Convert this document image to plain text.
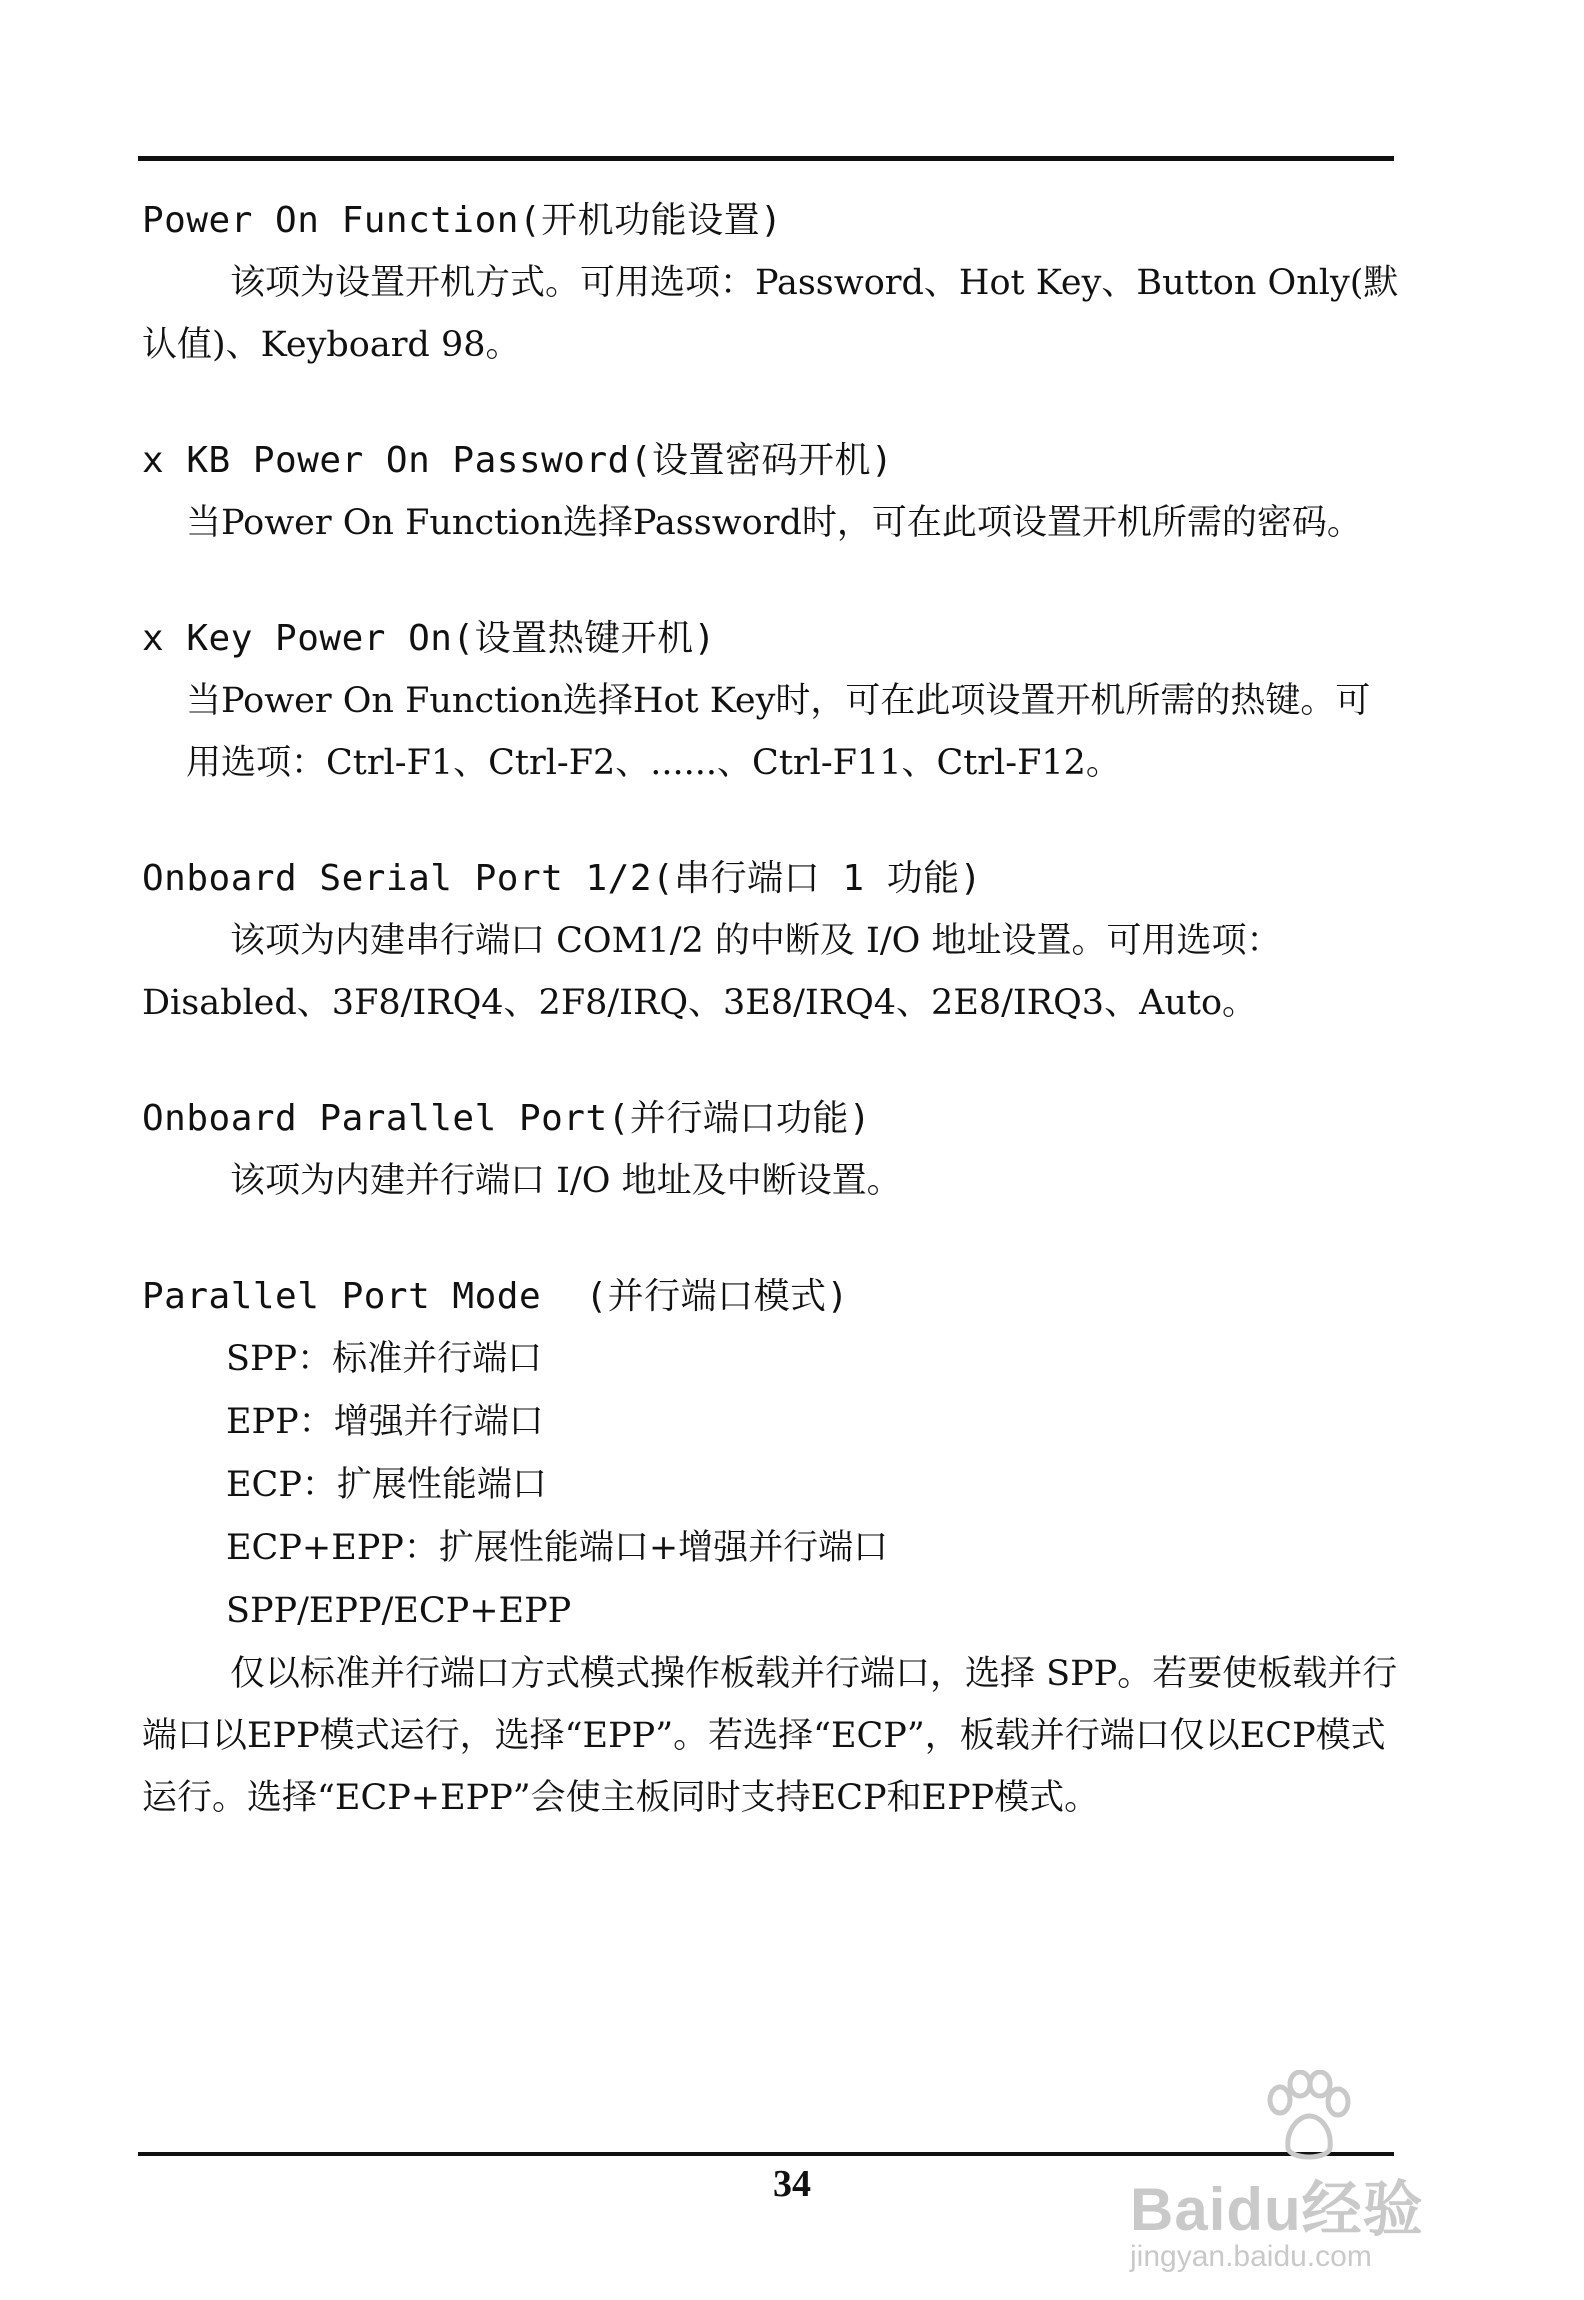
Power On Function(开机功能设置)
该项为设置开机方式。可用选项：Password、Hot Key、Button Only(默认值)、Keyboard 98。
x KB Power On Password(设置密码开机)
当Power On Function选择Password时，可在此项设置开机所需的密码。
x Key Power On(设置热键开机)
当Power On Function选择Hot Key时，可在此项设置开机所需的热键。可用选项：Ctrl-F1、Ctrl-F2、......、Ctrl-F11、Ctrl-F12。
Onboard Serial Port 1/2(串行端口 1 功能)
该项为内建串行端口 COM1/2 的中断及 I/O 地址设置。可用选项：Disabled、3F8/IRQ4、2F8/IRQ、3E8/IRQ4、2E8/IRQ3、Auto。
Onboard Parallel Port(并行端口功能)
该项为内建并行端口 I/O 地址及中断设置。
Parallel Port Mode  (并行端口模式)
SPP：标准并行端口
EPP：增强并行端口
ECP：扩展性能端口
ECP+EPP：扩展性能端口+增强并行端口
SPP/EPP/ECP+EPP
仅以标准并行端口方式模式操作板载并行端口，选择 SPP。若要使板载并行端口以EPP模式运行，选择“EPP”。若选择“ECP”，板载并行端口仅以ECP模式运行。选择“ECP+EPP”会使主板同时支持ECP和EPP模式。
34	Baidu经验
jingyan.baidu.com
